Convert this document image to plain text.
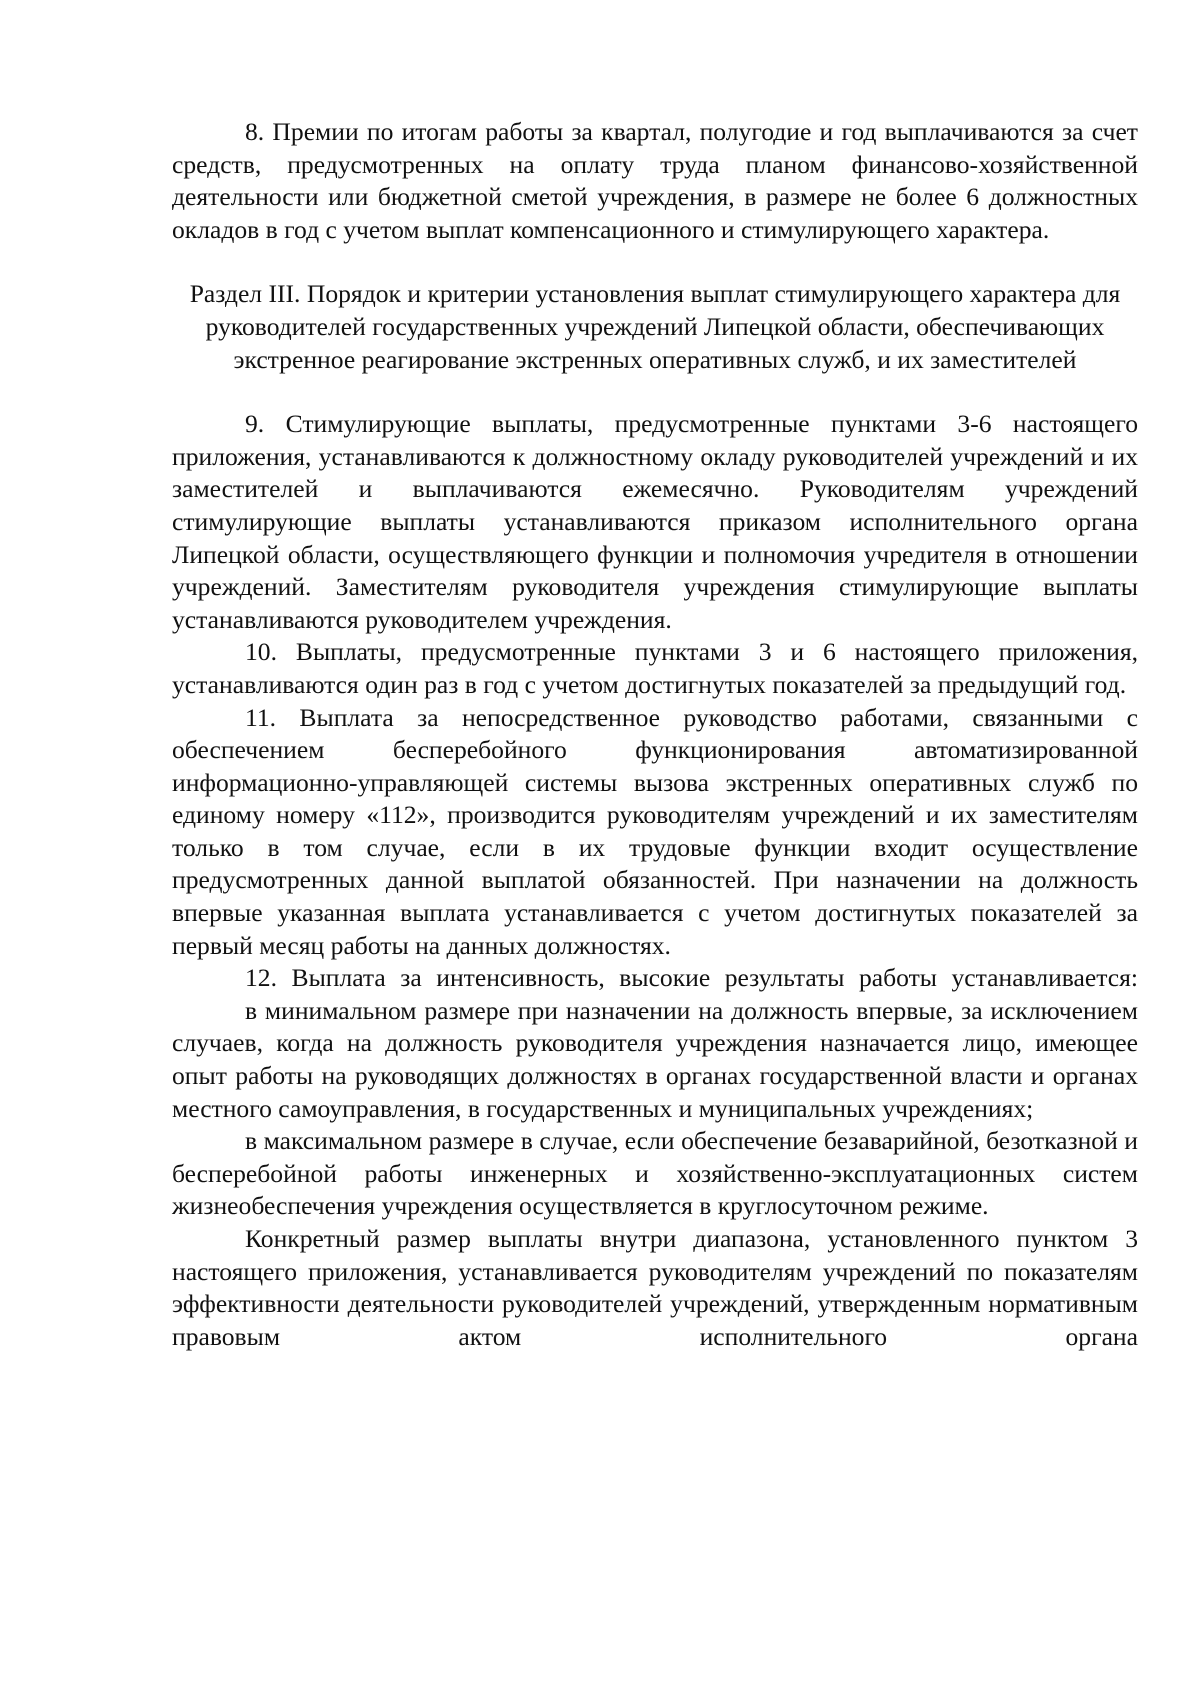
8. Премии по итогам работы за квартал, полугодие и год выплачиваются за счет средств, предусмотренных на оплату труда планом финансово-хозяйственной деятельности или бюджетной сметой учреждения, в размере не более 6 должностных окладов в год с учетом выплат компенсационного и стимулирующего характера.

Раздел III. Порядок и критерии установления выплат стимулирующего характера для руководителей государственных учреждений Липецкой области, обеспечивающих экстренное реагирование экстренных оперативных служб, и их заместителей

9. Стимулирующие выплаты, предусмотренные пунктами 3-6 настоящего приложения, устанавливаются к должностному окладу руководителей учреждений и их заместителей и выплачиваются ежемесячно. Руководителям учреждений стимулирующие выплаты устанавливаются приказом исполнительного органа Липецкой области, осуществляющего функции и полномочия учредителя в отношении учреждений. Заместителям руководителя учреждения стимулирующие выплаты устанавливаются руководителем учреждения.

10. Выплаты, предусмотренные пунктами 3 и 6 настоящего приложения, устанавливаются один раз в год с учетом достигнутых показателей за предыдущий год.

11. Выплата за непосредственное руководство работами, связанными с обеспечением бесперебойного функционирования автоматизированной информационно-управляющей системы вызова экстренных оперативных служб по единому номеру «112», производится руководителям учреждений и их заместителям только в том случае, если в их трудовые функции входит осуществление предусмотренных данной выплатой обязанностей. При назначении на должность впервые указанная выплата устанавливается с учетом достигнутых показателей за первый месяц работы на данных должностях.

12. Выплата за интенсивность, высокие результаты работы устанавливается:

в минимальном размере при назначении на должность впервые, за исключением случаев, когда на должность руководителя учреждения назначается лицо, имеющее опыт работы на руководящих должностях в органах государственной власти и органах местного самоуправления, в государственных и муниципальных учреждениях;

в максимальном размере в случае, если обеспечение безаварийной, безотказной и бесперебойной работы инженерных и хозяйственно-эксплуатационных систем жизнеобеспечения учреждения осуществляется в круглосуточном режиме.

Конкретный размер выплаты внутри диапазона, установленного пунктом 3 настоящего приложения, устанавливается руководителям учреждений по показателям эффективности деятельности руководителей учреждений, утвержденным нормативным правовым актом исполнительного органа
